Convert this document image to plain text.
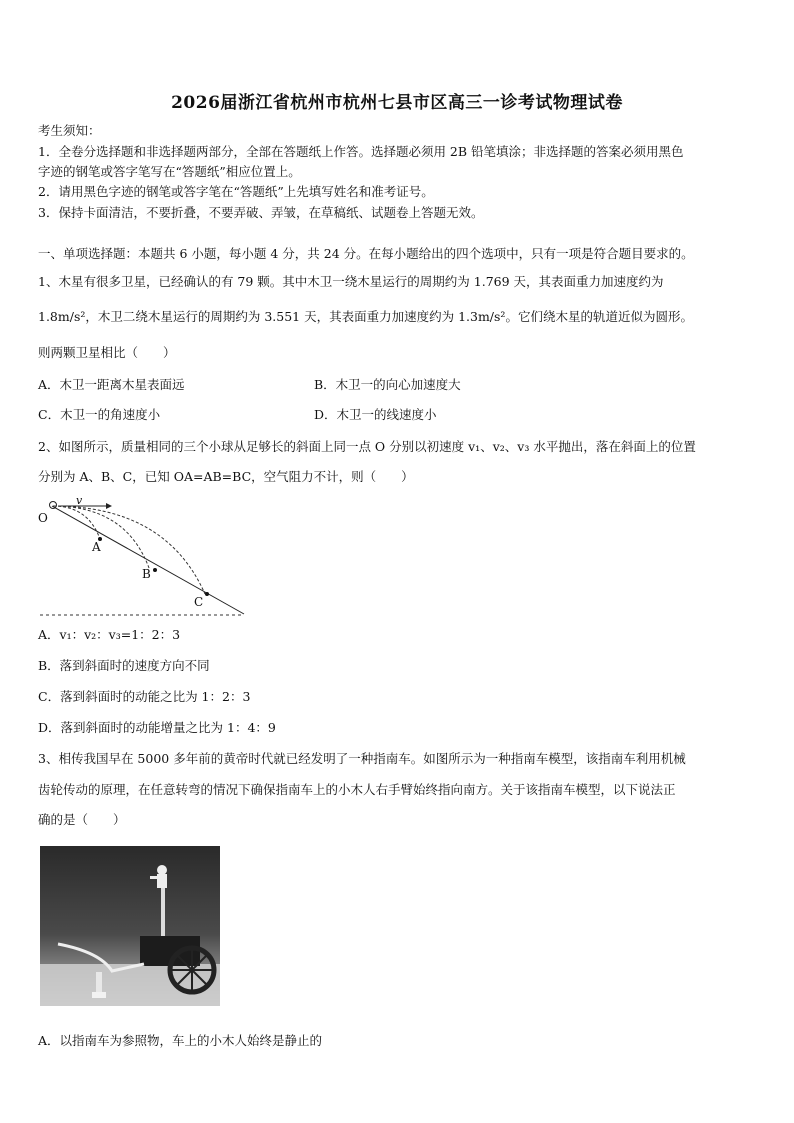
2026届浙江省杭州市杭州七县市区高三一诊考试物理试卷
考生须知：
1．全卷分选择题和非选择题两部分，全部在答题纸上作答。选择题必须用 2B 铅笔填涂；非选择题的答案必须用黑色
字迹的钢笔或答字笔写在“答题纸”相应位置上。
2．请用黑色字迹的钢笔或答字笔在“答题纸”上先填写姓名和准考证号。
3．保持卡面清洁，不要折叠，不要弄破、弄皱，在草稿纸、试题卷上答题无效。
一、单项选择题：本题共 6 小题，每小题 4 分，共 24 分。在每小题给出的四个选项中，只有一项是符合题目要求的。
1、木星有很多卫星，已经确认的有 79 颗。其中木卫一绕木星运行的周期约为 1.769 天，其表面重力加速度约为
1.8m/s²，木卫二绕木星运行的周期约为 3.551 天，其表面重力加速度约为 1.3m/s²。它们绕木星的轨道近似为圆形。
则两颗卫星相比（　　）
A．木卫一距离木星表面远	B．木卫一的向心加速度大
C．木卫一的角速度小	D．木卫一的线速度小
2、如图所示，质量相同的三个小球从足够长的斜面上同一点 O 分别以初速度 v₁、v₂、v₃ 水平抛出，落在斜面上的位置
分别为 A、B、C，已知 OA=AB=BC，空气阻力不计，则（　　）
O
v
A
B
C
A．v₁：v₂：v₃=1：2：3
B．落到斜面时的速度方向不同
C．落到斜面时的动能之比为 1：2：3
D．落到斜面时的动能增量之比为 1：4：9
3、相传我国早在 5000 多年前的黄帝时代就已经发明了一种指南车。如图所示为一种指南车模型，该指南车利用机械
齿轮传动的原理，在任意转弯的情况下确保指南车上的小木人右手臂始终指向南方。关于该指南车模型，以下说法正
确的是（　　）
A．以指南车为参照物，车上的小木人始终是静止的
